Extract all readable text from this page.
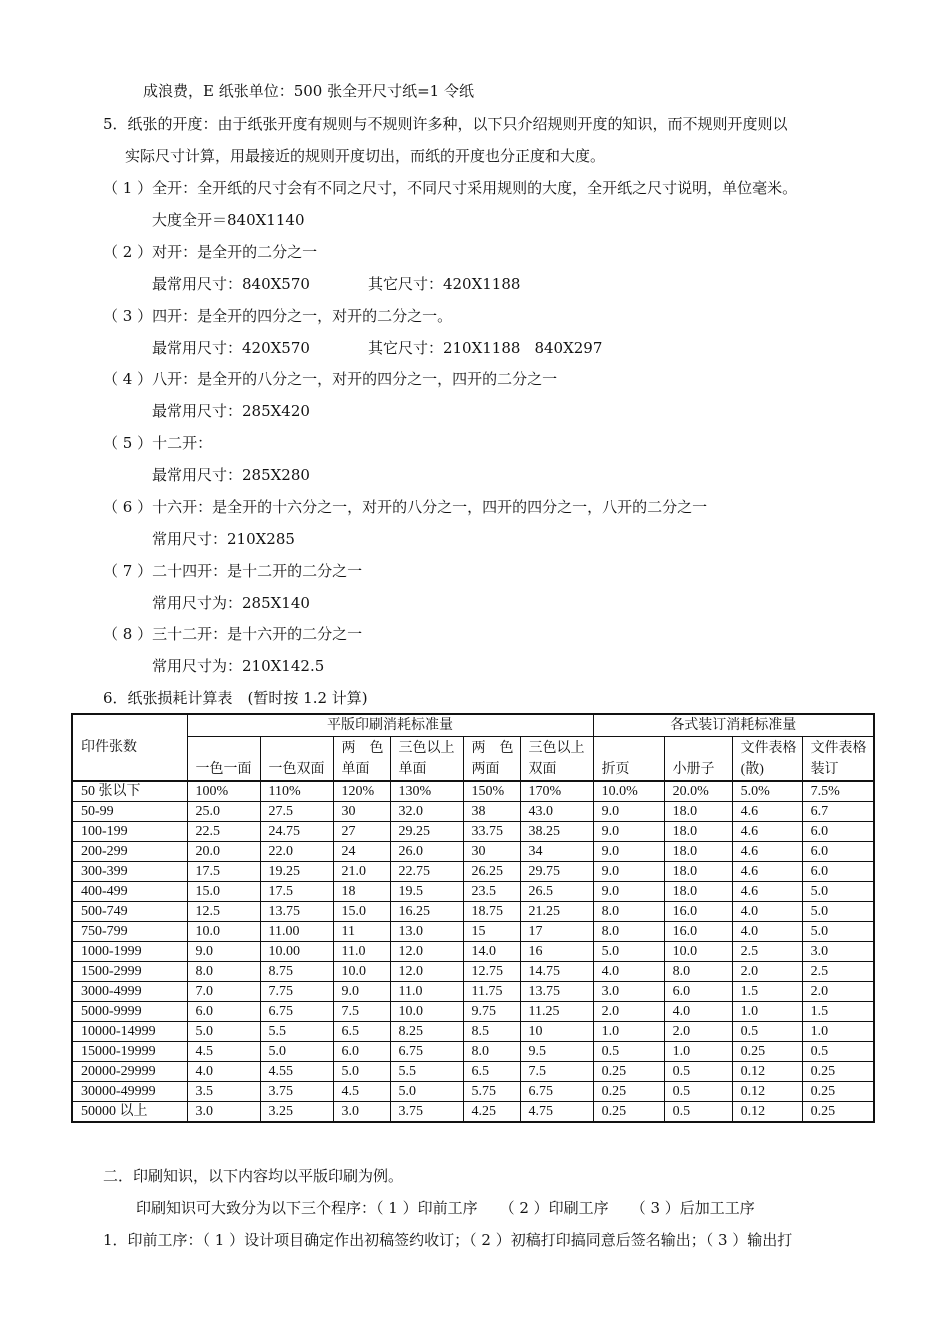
成浪费，E 纸张单位：500 张全开尺寸纸=1 令纸
5．纸张的开度：由于纸张开度有规则与不规则许多种，以下只介绍规则开度的知识，而不规则开度则以
实际尺寸计算，用最接近的规则开度切出，而纸的开度也分正度和大度。
（ 1 ）全开：全开纸的尺寸会有不同之尺寸，不同尺寸采用规则的大度，全开纸之尺寸说明，单位毫米。
大度全开＝840X1140
（ 2 ）对开：是全开的二分之一
最常用尺寸：840X570	其它尺寸：420X1188
（ 3 ）四开：是全开的四分之一，对开的二分之一。
最常用尺寸：420X570	其它尺寸：210X1188 840X297
（ 4 ）八开：是全开的八分之一，对开的四分之一，四开的二分之一
最常用尺寸：285X420
（ 5 ）十二开：
最常用尺寸：285X280
（ 6 ）十六开：是全开的十六分之一，对开的八分之一，四开的四分之一，八开的二分之一
常用尺寸：210X285
（ 7 ）二十四开：是十二开的二分之一
常用尺寸为：285X140
（ 8 ）三十二开：是十六开的二分之一
常用尺寸为：210X142.5
6．纸张损耗计算表　(暂时按 1.2 计算)
印件张数	平版印刷消耗标准量						各式装订消耗标准量			
	一色一面	一色双面	两　色单面	三色以上单面	两　色两面	三色以上双面	折页	小册子	文件表格(散)	文件表格装订
50 张以下	100%	110%	120%	130%	150%	170%	10.0%	20.0%	5.0%	7.5%
50-99	25.0	27.5	30	32.0	38	43.0	9.0	18.0	4.6	6.7
100-199	22.5	24.75	27	29.25	33.75	38.25	9.0	18.0	4.6	6.0
200-299	20.0	22.0	24	26.0	30	34	9.0	18.0	4.6	6.0
300-399	17.5	19.25	21.0	22.75	26.25	29.75	9.0	18.0	4.6	6.0
400-499	15.0	17.5	18	19.5	23.5	26.5	9.0	18.0	4.6	5.0
500-749	12.5	13.75	15.0	16.25	18.75	21.25	8.0	16.0	4.0	5.0
750-799	10.0	11.00	11	13.0	15	17	8.0	16.0	4.0	5.0
1000-1999	9.0	10.00	11.0	12.0	14.0	16	5.0	10.0	2.5	3.0
1500-2999	8.0	8.75	10.0	12.0	12.75	14.75	4.0	8.0	2.0	2.5
3000-4999	7.0	7.75	9.0	11.0	11.75	13.75	3.0	6.0	1.5	2.0
5000-9999	6.0	6.75	7.5	10.0	9.75	11.25	2.0	4.0	1.0	1.5
10000-14999	5.0	5.5	6.5	8.25	8.5	10	1.0	2.0	0.5	1.0
15000-19999	4.5	5.0	6.0	6.75	8.0	9.5	0.5	1.0	0.25	0.5
20000-29999	4.0	4.55	5.0	5.5	6.5	7.5	0.25	0.5	0.12	0.25
30000-49999	3.5	3.75	4.5	5.0	5.75	6.75	0.25	0.5	0.12	0.25
50000 以上	3.0	3.25	3.0	3.75	4.25	4.75	0.25	0.5	0.12	0.25
二．印刷知识，以下内容均以平版印刷为例。
印刷知识可大致分为以下三个程序：（ 1 ）印前工序 （ 2 ）印刷工序 （ 3 ）后加工工序
1．印前工序：（ 1 ）设计项目确定作出初稿签约收订；（ 2 ）初稿打印搞同意后签名输出；（ 3 ）输出打
